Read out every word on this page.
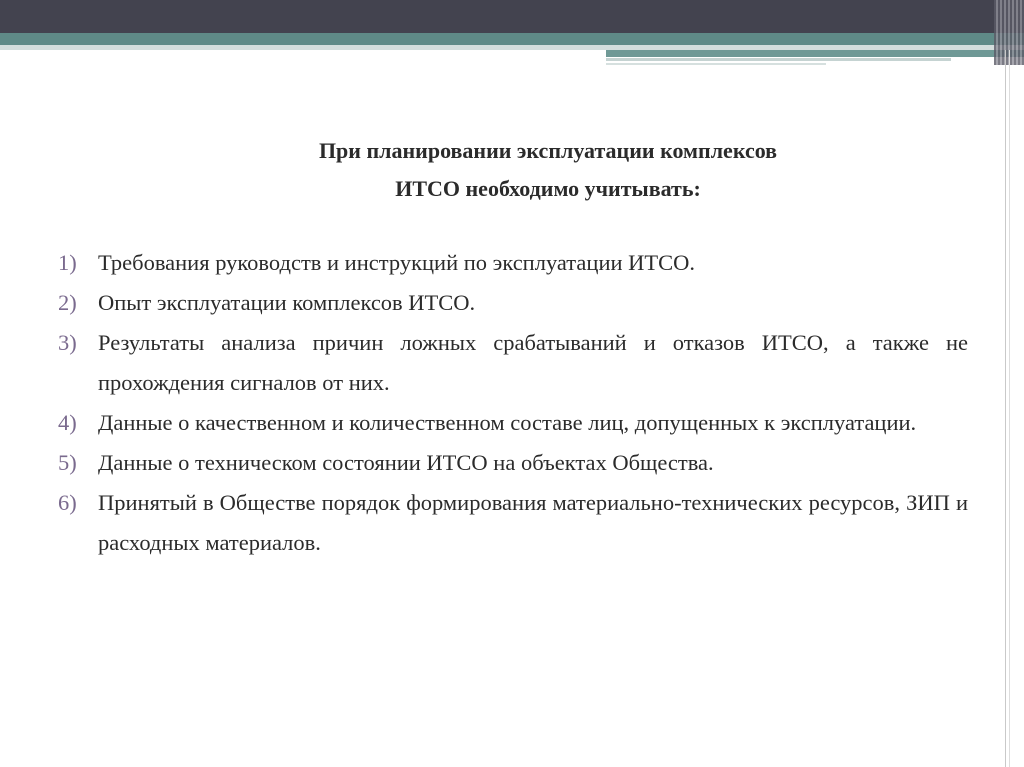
При планировании эксплуатации комплексов
ИТСО необходимо учитывать:
1) Требования руководств и инструкций по эксплуатации ИТСО.
2) Опыт эксплуатации комплексов ИТСО.
3) Результаты анализа причин ложных срабатываний и отказов ИТСО, а также не прохождения сигналов от них.
4) Данные о качественном и количественном составе лиц, допущенных к эксплуатации.
5) Данные о техническом состоянии ИТСО на объектах Общества.
6) Принятый в Обществе порядок формирования материально-технических ресурсов, ЗИП и расходных материалов.
